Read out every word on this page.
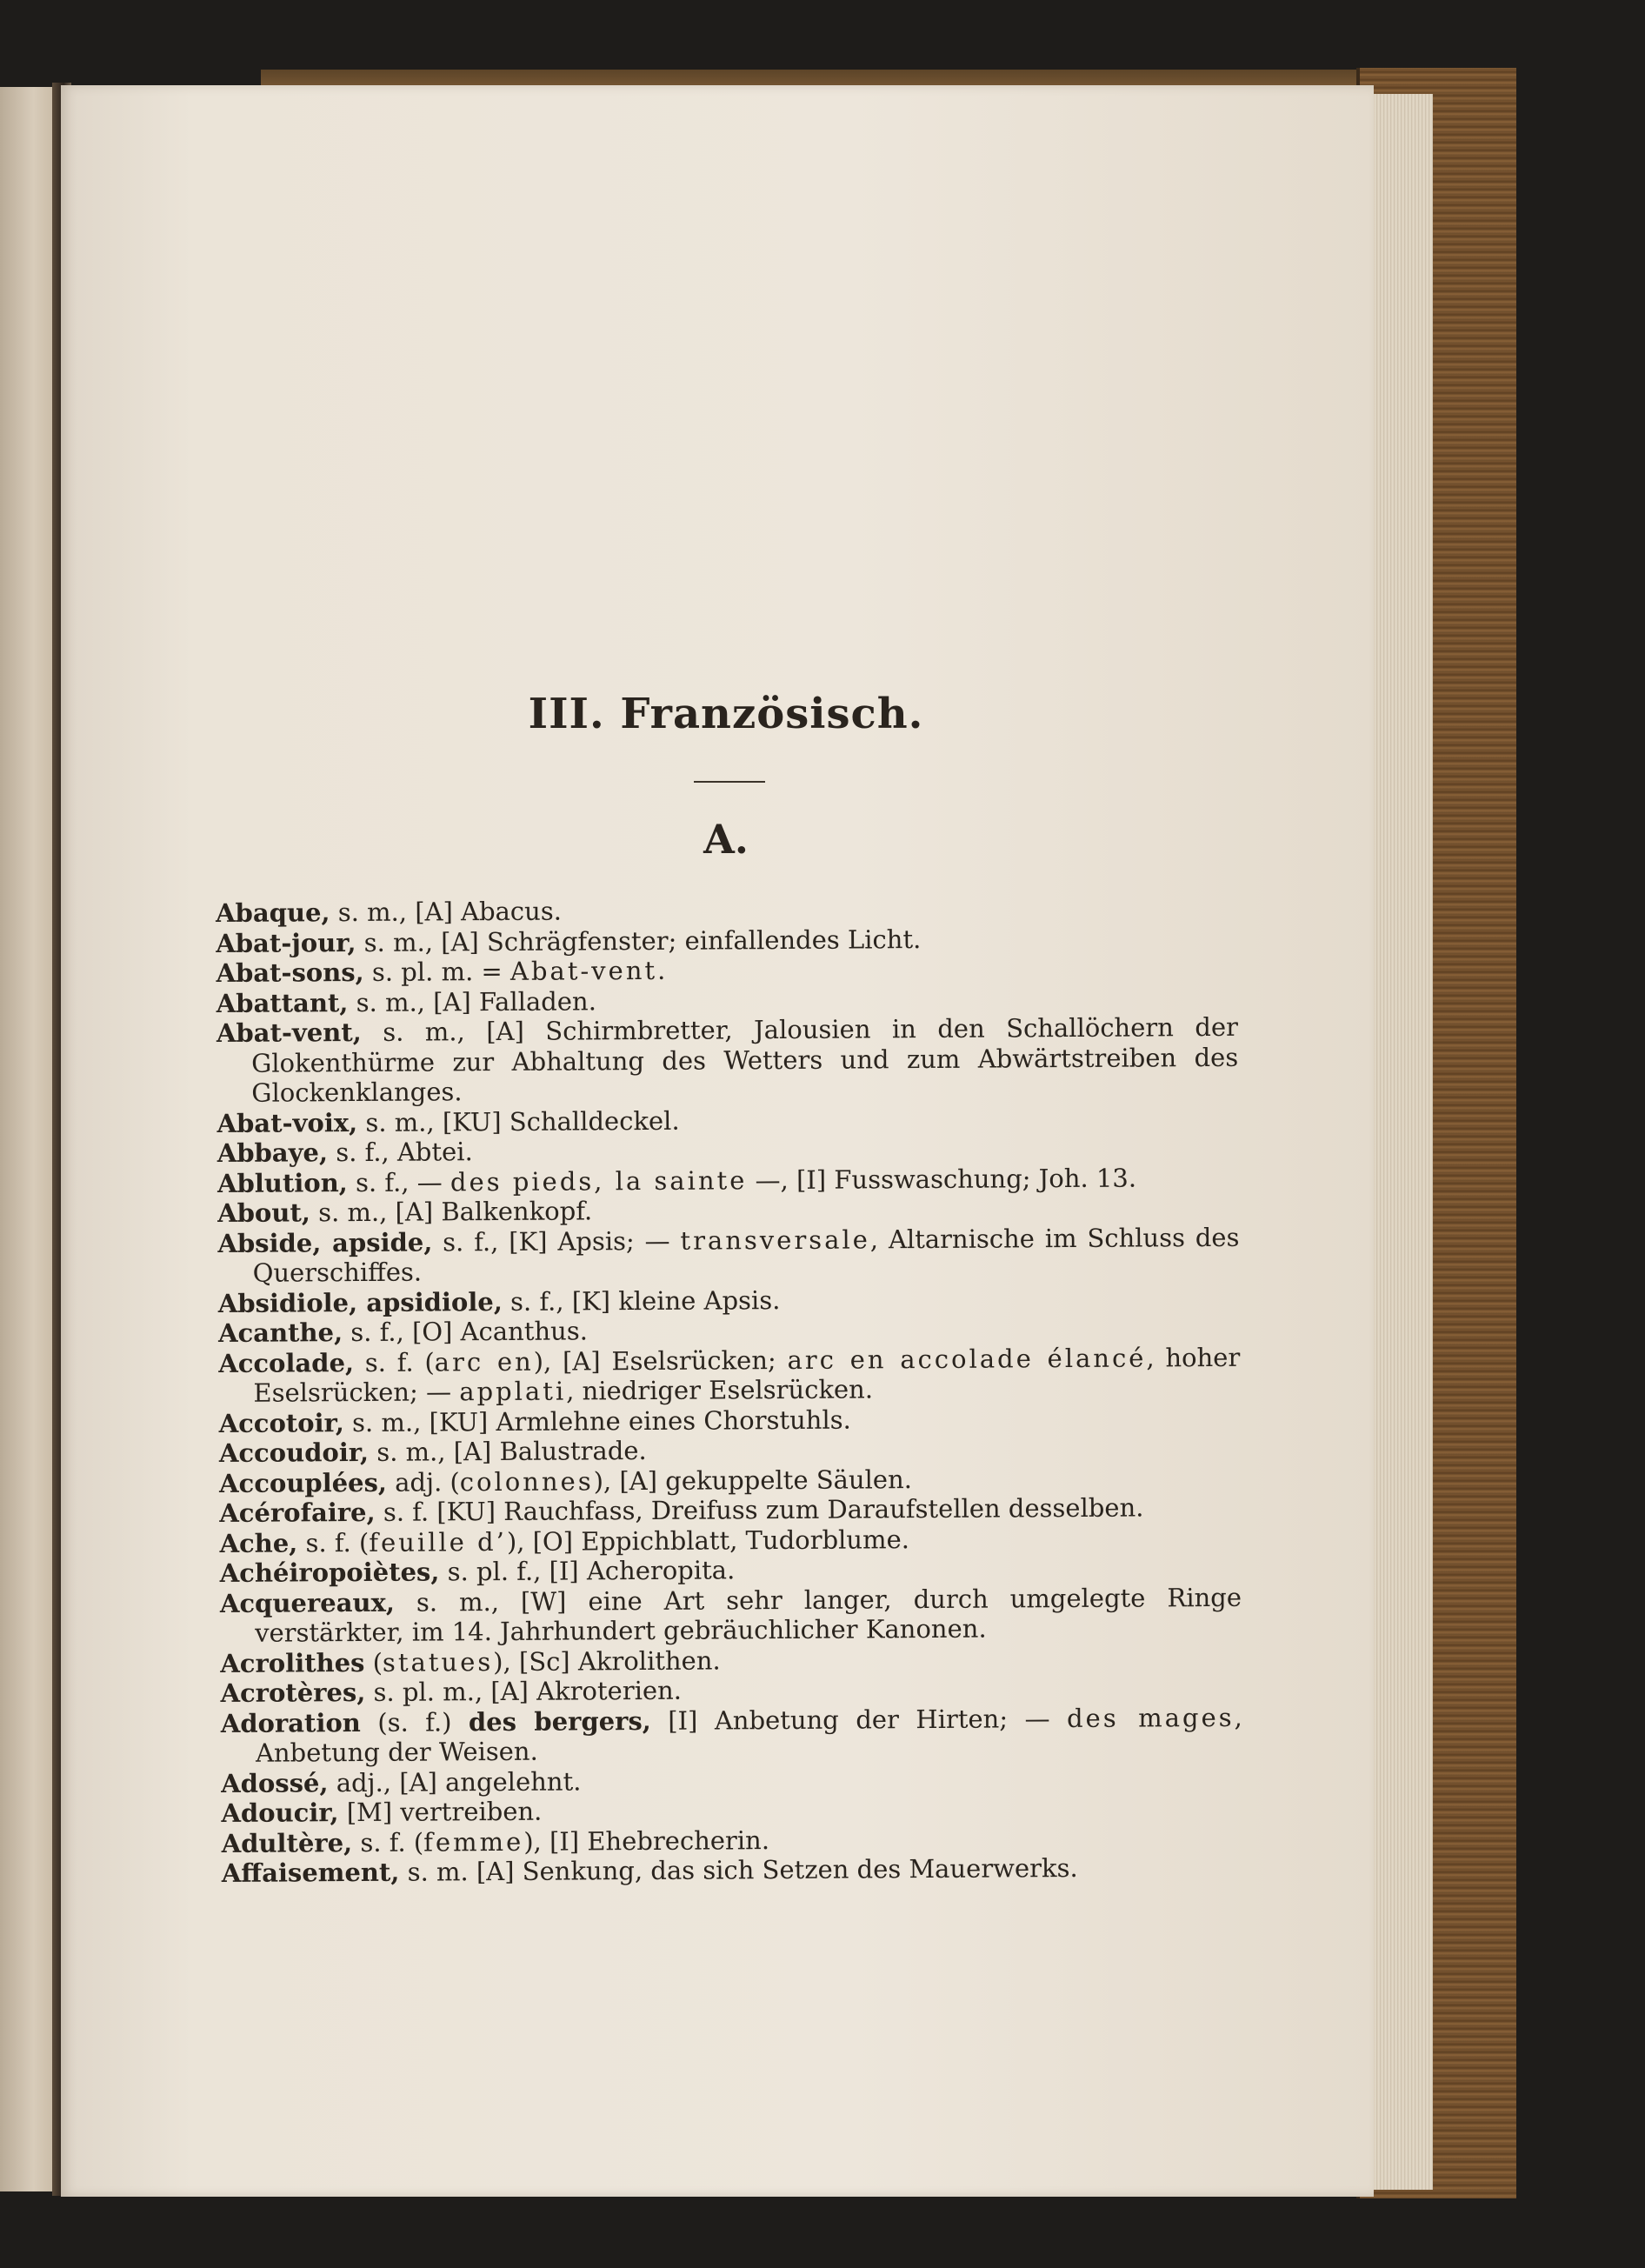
III. Französisch.
A.

Abaque, s. m., [A] Abacus.

Abat-jour, s. m., [A] Schrägfenster; einfallendes Licht.

Abat-sons, s. pl. m. = Abat-vent.

Abattant, s. m., [A] Falladen.

Abat-vent, s. m., [A] Schirmbretter, Jalousien in den Schallöchern der Glokenthürme zur Abhaltung des Wetters und zum Abwärtstreiben des Glockenklanges.

Abat-voix, s. m., [KU] Schalldeckel.

Abbaye, s. f., Abtei.

Ablution, s. f., — des pieds, la sainte —, [I] Fusswaschung; Joh. 13.

About, s. m., [A] Balkenkopf.

Abside, apside, s. f., [K] Apsis; — transversale, Altarnische im Schluss des Querschiffes.

Absidiole, apsidiole, s. f., [K] kleine Apsis.

Acanthe, s. f., [O] Acanthus.

Accolade, s. f. (arc en), [A] Eselsrücken; arc en accolade élancé, hoher Eselsrücken; — applati, niedriger Eselsrücken.

Accotoir, s. m., [KU] Armlehne eines Chorstuhls.

Accoudoir, s. m., [A] Balustrade.

Accouplées, adj. (colonnes), [A] gekuppelte Säulen.

Acérofaire, s. f. [KU] Rauchfass, Dreifuss zum Daraufstellen desselben.

Ache, s. f. (feuille d’), [O] Eppichblatt, Tudorblume.

Achéiropoiètes, s. pl. f., [I] Acheropita.

Acquereaux, s. m., [W] eine Art sehr langer, durch umgelegte Ringe verstärkter, im 14. Jahrhundert gebräuchlicher Kanonen.

Acrolithes (statues), [Sc] Akrolithen.

Acrotères, s. pl. m., [A] Akroterien.

Adoration (s. f.) des bergers, [I] Anbetung der Hirten; — des mages, Anbetung der Weisen.

Adossé, adj., [A] angelehnt.

Adoucir, [M] vertreiben.

Adultère, s. f. (femme), [I] Ehebrecherin.

Affaisement, s. m. [A] Senkung, das sich Setzen des Mauerwerks.
